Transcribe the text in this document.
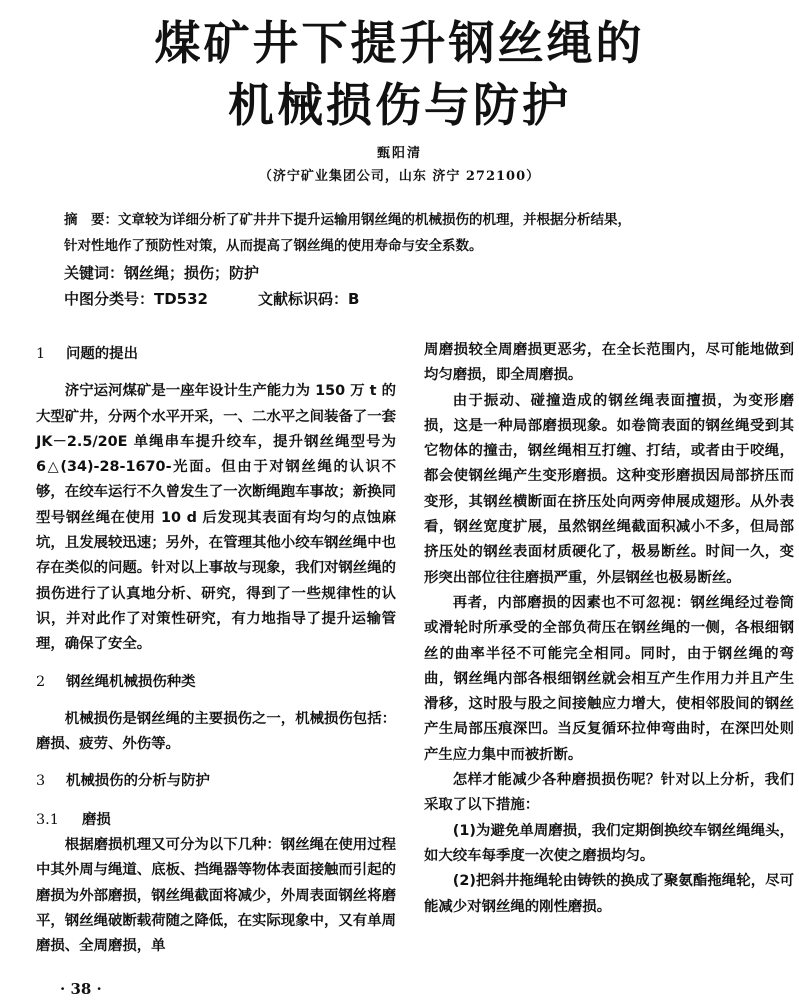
煤矿井下提升钢丝绳的
机械损伤与防护
甄阳清
（济宁矿业集团公司，山东 济宁 272100）
摘　要：文章较为详细分析了矿井井下提升运输用钢丝绳的机械损伤的机理，并根据分析结果，
针对性地作了预防性对策，从而提高了钢丝绳的使用寿命与安全系数。
关键词：钢丝绳；损伤；防护
中图分类号：TD532	文献标识码：B
1 问题的提出

济宁运河煤矿是一座年设计生产能力为 150 万 t 的大型矿井，分两个水平开采，一、二水平之间装备了一套 JK－2.5/20E 单绳串车提升绞车，提升钢丝绳型号为 6△(34)-28-1670-光面。但由于对钢丝绳的认识不够，在绞车运行不久曾发生了一次断绳跑车事故；新换同型号钢丝绳在使用 10 d 后发现其表面有均匀的点蚀麻坑，且发展较迅速；另外，在管理其他小绞车钢丝绳中也存在类似的问题。针对以上事故与现象，我们对钢丝绳的损伤进行了认真地分析、研究，得到了一些规律性的认识，并对此作了对策性研究，有力地指导了提升运输管理，确保了安全。

2 钢丝绳机械损伤种类

机械损伤是钢丝绳的主要损伤之一，机械损伤包括：磨损、疲劳、外伤等。

3 机械损伤的分析与防护
3.1 磨损

根据磨损机理又可分为以下几种：钢丝绳在使用过程中其外周与绳道、底板、挡绳器等物体表面接触而引起的磨损为外部磨损，钢丝绳截面将减少，外周表面钢丝将磨平，钢丝绳破断载荷随之降低，在实际现象中，又有单周磨损、全周磨损，单

周磨损较全周磨损更恶劣，在全长范围内，尽可能地做到均匀磨损，即全周磨损。

由于振动、碰撞造成的钢丝绳表面擅损，为变形磨损，这是一种局部磨损现象。如卷筒表面的钢丝绳受到其它物体的撞击，钢丝绳相互打缠、打结，或者由于咬绳，都会使钢丝绳产生变形磨损。这种变形磨损因局部挤压而变形，其钢丝横断面在挤压处向两旁伸展成翅形。从外表看，钢丝宽度扩展，虽然钢丝绳截面积减小不多，但局部挤压处的钢丝表面材质硬化了，极易断丝。时间一久，变形突出部位往往磨损严重，外层钢丝也极易断丝。

再者，内部磨损的因素也不可忽视：钢丝绳经过卷筒或滑轮时所承受的全部负荷压在钢丝绳的一侧，各根细钢丝的曲率半径不可能完全相同。同时，由于钢丝绳的弯曲，钢丝绳内部各根细钢丝就会相互产生作用力并且产生滑移，这时股与股之间接触应力增大，使相邻股间的钢丝产生局部压痕深凹。当反复循环拉伸弯曲时，在深凹处则产生应力集中而被折断。

怎样才能减少各种磨损损伤呢？针对以上分析，我们采取了以下措施：

(1)为避免单周磨损，我们定期倒换绞车钢丝绳绳头，如大绞车每季度一次使之磨损均匀。

(2)把斜井拖绳轮由铸铁的换成了聚氨酯拖绳轮，尽可能减少对钢丝绳的刚性磨损。

· 38 ·
